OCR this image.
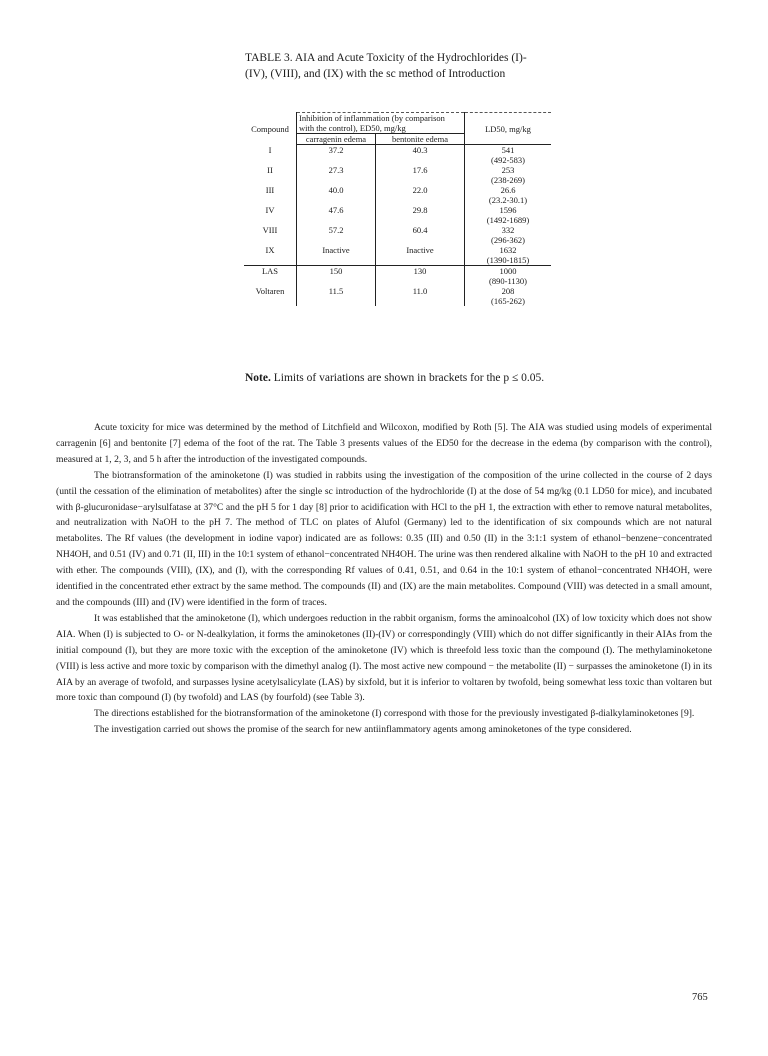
TABLE 3. AIA and Acute Toxicity of the Hydrochlorides (I)-(IV), (VIII), and (IX) with the sc method of Introduction
Compound	Inhibition of inflammation (by comparison with the control), ED50, mg/kg		LD50, mg/kg
	carragenin edema	bentonite edema	
I	37.2	40.3	541
			(492-583)
II	27.3	17.6	253
			(238-269)
III	40.0	22.0	26.6
			(23.2-30.1)
IV	47.6	29.8	1596
			(1492-1689)
VIII	57.2	60.4	332
			(296-362)
IX	Inactive	Inactive	1632
			(1390-1815)
LAS	150	130	1000
			(890-1130)
Voltaren	11.5	11.0	208
			(165-262)
Note. Limits of variations are shown in brackets for the p ≤ 0.05.

Acute toxicity for mice was determined by the method of Litchfield and Wilcoxon, modified by Roth [5]. The AIA was studied using models of experimental carragenin [6] and bentonite [7] edema of the foot of the rat. The Table 3 presents values of the ED50 for the decrease in the edema (by comparison with the control), measured at 1, 2, 3, and 5 h after the introduction of the investigated compounds.

The biotransformation of the aminoketone (I) was studied in rabbits using the investigation of the composition of the urine collected in the course of 2 days (until the cessation of the elimination of metabolites) after the single sc introduction of the hydrochloride (I) at the dose of 54 mg/kg (0.1 LD50 for mice), and incubated with β-glucuronidase−arylsulfatase at 37°C and the pH 5 for 1 day [8] prior to acidification with HCl to the pH 1, the extraction with ether to remove natural metabolites, and neutralization with NaOH to the pH 7. The method of TLC on plates of Alufol (Germany) led to the identification of six compounds which are not natural metabolites. The Rf values (the development in iodine vapor) indicated are as follows: 0.35 (III) and 0.50 (II) in the 3:1:1 system of ethanol−benzene−concentrated NH4OH, and 0.51 (IV) and 0.71 (II, III) in the 10:1 system of ethanol−concentrated NH4OH. The urine was then rendered alkaline with NaOH to the pH 10 and extracted with ether. The compounds (VIII), (IX), and (I), with the corresponding Rf values of 0.41, 0.51, and 0.64 in the 10:1 system of ethanol−concentrated NH4OH, were identified in the concentrated ether extract by the same method. The compounds (II) and (IX) are the main metabolites. Compound (VIII) was detected in a small amount, and the compounds (III) and (IV) were identified in the form of traces.

It was established that the aminoketone (I), which undergoes reduction in the rabbit organism, forms the aminoalcohol (IX) of low toxicity which does not show AIA. When (I) is subjected to O- or N-dealkylation, it forms the aminoketones (II)-(IV) or correspondingly (VIII) which do not differ significantly in their AIAs from the initial compound (I), but they are more toxic with the exception of the aminoketone (IV) which is threefold less toxic than the compound (I). The methylaminoketone (VIII) is less active and more toxic by comparison with the dimethyl analog (I). The most active new compound − the metabolite (II) − surpasses the aminoketone (I) in its AIA by an average of twofold, and surpasses lysine acetylsalicylate (LAS) by sixfold, but it is inferior to voltaren by twofold, being somewhat less toxic than voltaren but more toxic than compound (I) (by twofold) and LAS (by fourfold) (see Table 3).

The directions established for the biotransformation of the aminoketone (I) correspond with those for the previously investigated β-dialkylaminoketones [9].

The investigation carried out shows the promise of the search for new antiinflammatory agents among aminoketones of the type considered.

765
